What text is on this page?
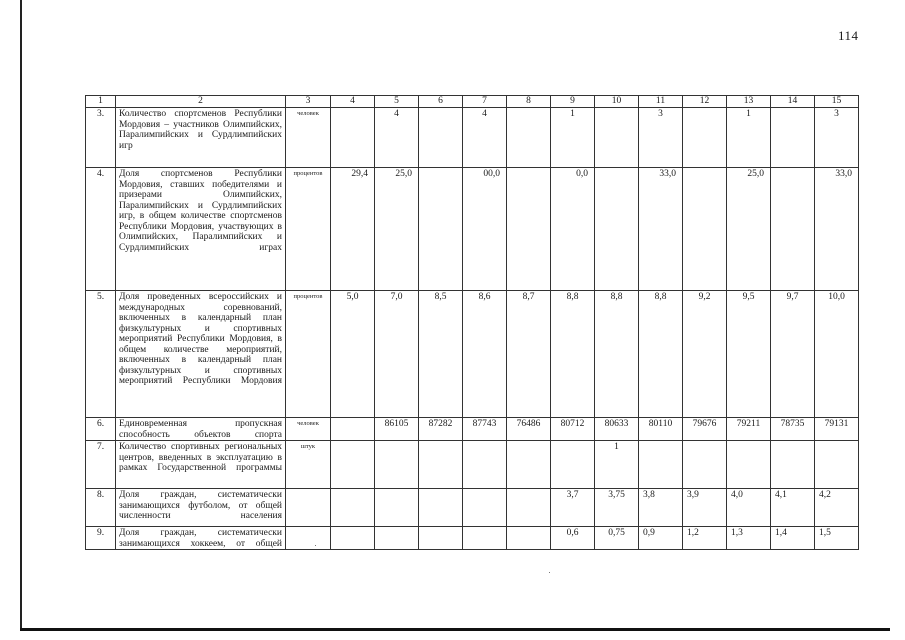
114
1	2	3	4	5	6	7	8	9	10	11	12	13	14	15
3.	Количество спортсменов Республики Мордовия – участников Олимпийских, Паралимпийских и Сурдлимпийских игр	человек		4		4		1		3		1		3
4.	Доля спортсменов Республики Мордовия, ставших победителями и призерами Олимпийских, Паралимпийских и Сурдлимпийских игр, в общем количестве спортсменов Республики Мордовия, участвующих в Олимпийских, Паралимпийских и Сурдлимпийских играх	процентов	29,4	25,0		00,0		0,0		33,0		25,0		33,0
5.	Доля проведенных всероссийских и международных соревнований, включенных в календарный план физкультурных и спортивных мероприятий Республики Мордовия, в общем количестве мероприятий, включенных в календарный план физкультурных и спортивных мероприятий Республики Мордовия	процентов	5,0	7,0	8,5	8,6	8,7	8,8	8,8	8,8	9,2	9,5	9,7	10,0
6.	Единовременная пропускная способность объектов спорта	человек		86105	87282	87743	76486	80712	80633	80110	79676	79211	78735	79131
7.	Количество спортивных региональных центров, введенных в эксплуатацию в рамках Государственной программы	штук							1					
8.	Доля граждан, систематически занимающихся футболом, от общей численности населения							3,7	3,75	3,8	3,9	4,0	4,1	4,2
9.	Доля граждан, систематически занимающихся хоккеем, от общей							0,6	0,75	0,9	1,2	1,3	1,4	1,5
